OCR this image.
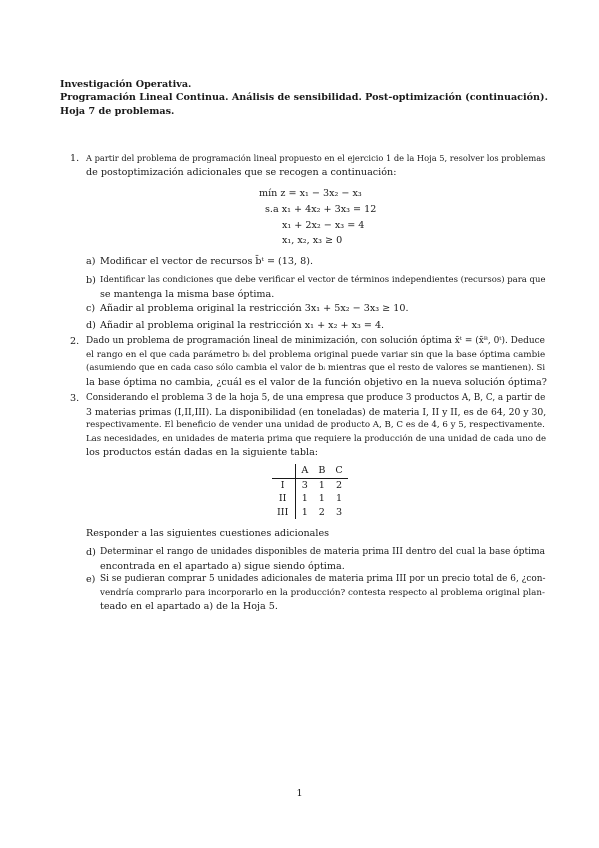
Investigación Operativa.
Programación Lineal Continua. Análisis de sensibilidad. Post-optimización (continuación).
Hoja 7 de problemas.
1. A partir del problema de programación lineal propuesto en el ejercicio 1 de la Hoja 5, resolver los problemas
de postoptimización adicionales que se recogen a continuación:
mín z = x₁ − 3x₂ − x₃
s.a x₁ + 4x₂ + 3x₃ = 12
x₁ + 2x₂ − x₃ = 4
x₁, x₂, x₃ ≥ 0
a) Modificar el vector de recursos b̄ᵗ = (13, 8).
b) Identificar las condiciones que debe verificar el vector de términos independientes (recursos) para que
se mantenga la misma base óptima.
c) Añadir al problema original la restricción 3x₁ + 5x₂ − 3x₃ ≥ 10.
d) Añadir al problema original la restricción x₁ + x₂ + x₃ = 4.
2. Dado un problema de programación lineal de minimización, con solución óptima x̄ᵗ = (x̄ᴮ, 0ᵗ). Deduce
el rango en el que cada parámetro bᵢ del problema original puede variar sin que la base óptima cambie
(asumiendo que en cada caso sólo cambia el valor de bᵢ mientras que el resto de valores se mantienen). Si
la base óptima no cambia, ¿cuál es el valor de la función objetivo en la nueva solución óptima?
3. Considerando el problema 3 de la hoja 5, de una empresa que produce 3 productos A, B, C, a partir de
3 materias primas (I,II,III). La disponibilidad (en toneladas) de materia I, II y II, es de 64, 20 y 30,
respectivamente. El beneficio de vender una unidad de producto A, B, C es de 4, 6 y 5, respectivamente.
Las necesidades, en unidades de materia prima que requiere la producción de una unidad de cada uno de
los productos están dadas en la siguiente tabla:
	A	B	C
I	3	1	2
II	1	1	1
III	1	2	3
Responder a las siguientes cuestiones adicionales
d) Determinar el rango de unidades disponibles de materia prima III dentro del cual la base óptima
encontrada en el apartado a) sigue siendo óptima.
e) Si se pudieran comprar 5 unidades adicionales de materia prima III por un precio total de 6, ¿con-
vendría comprarlo para incorporarlo en la producción? contesta respecto al problema original plan-
teado en el apartado a) de la Hoja 5.
1
